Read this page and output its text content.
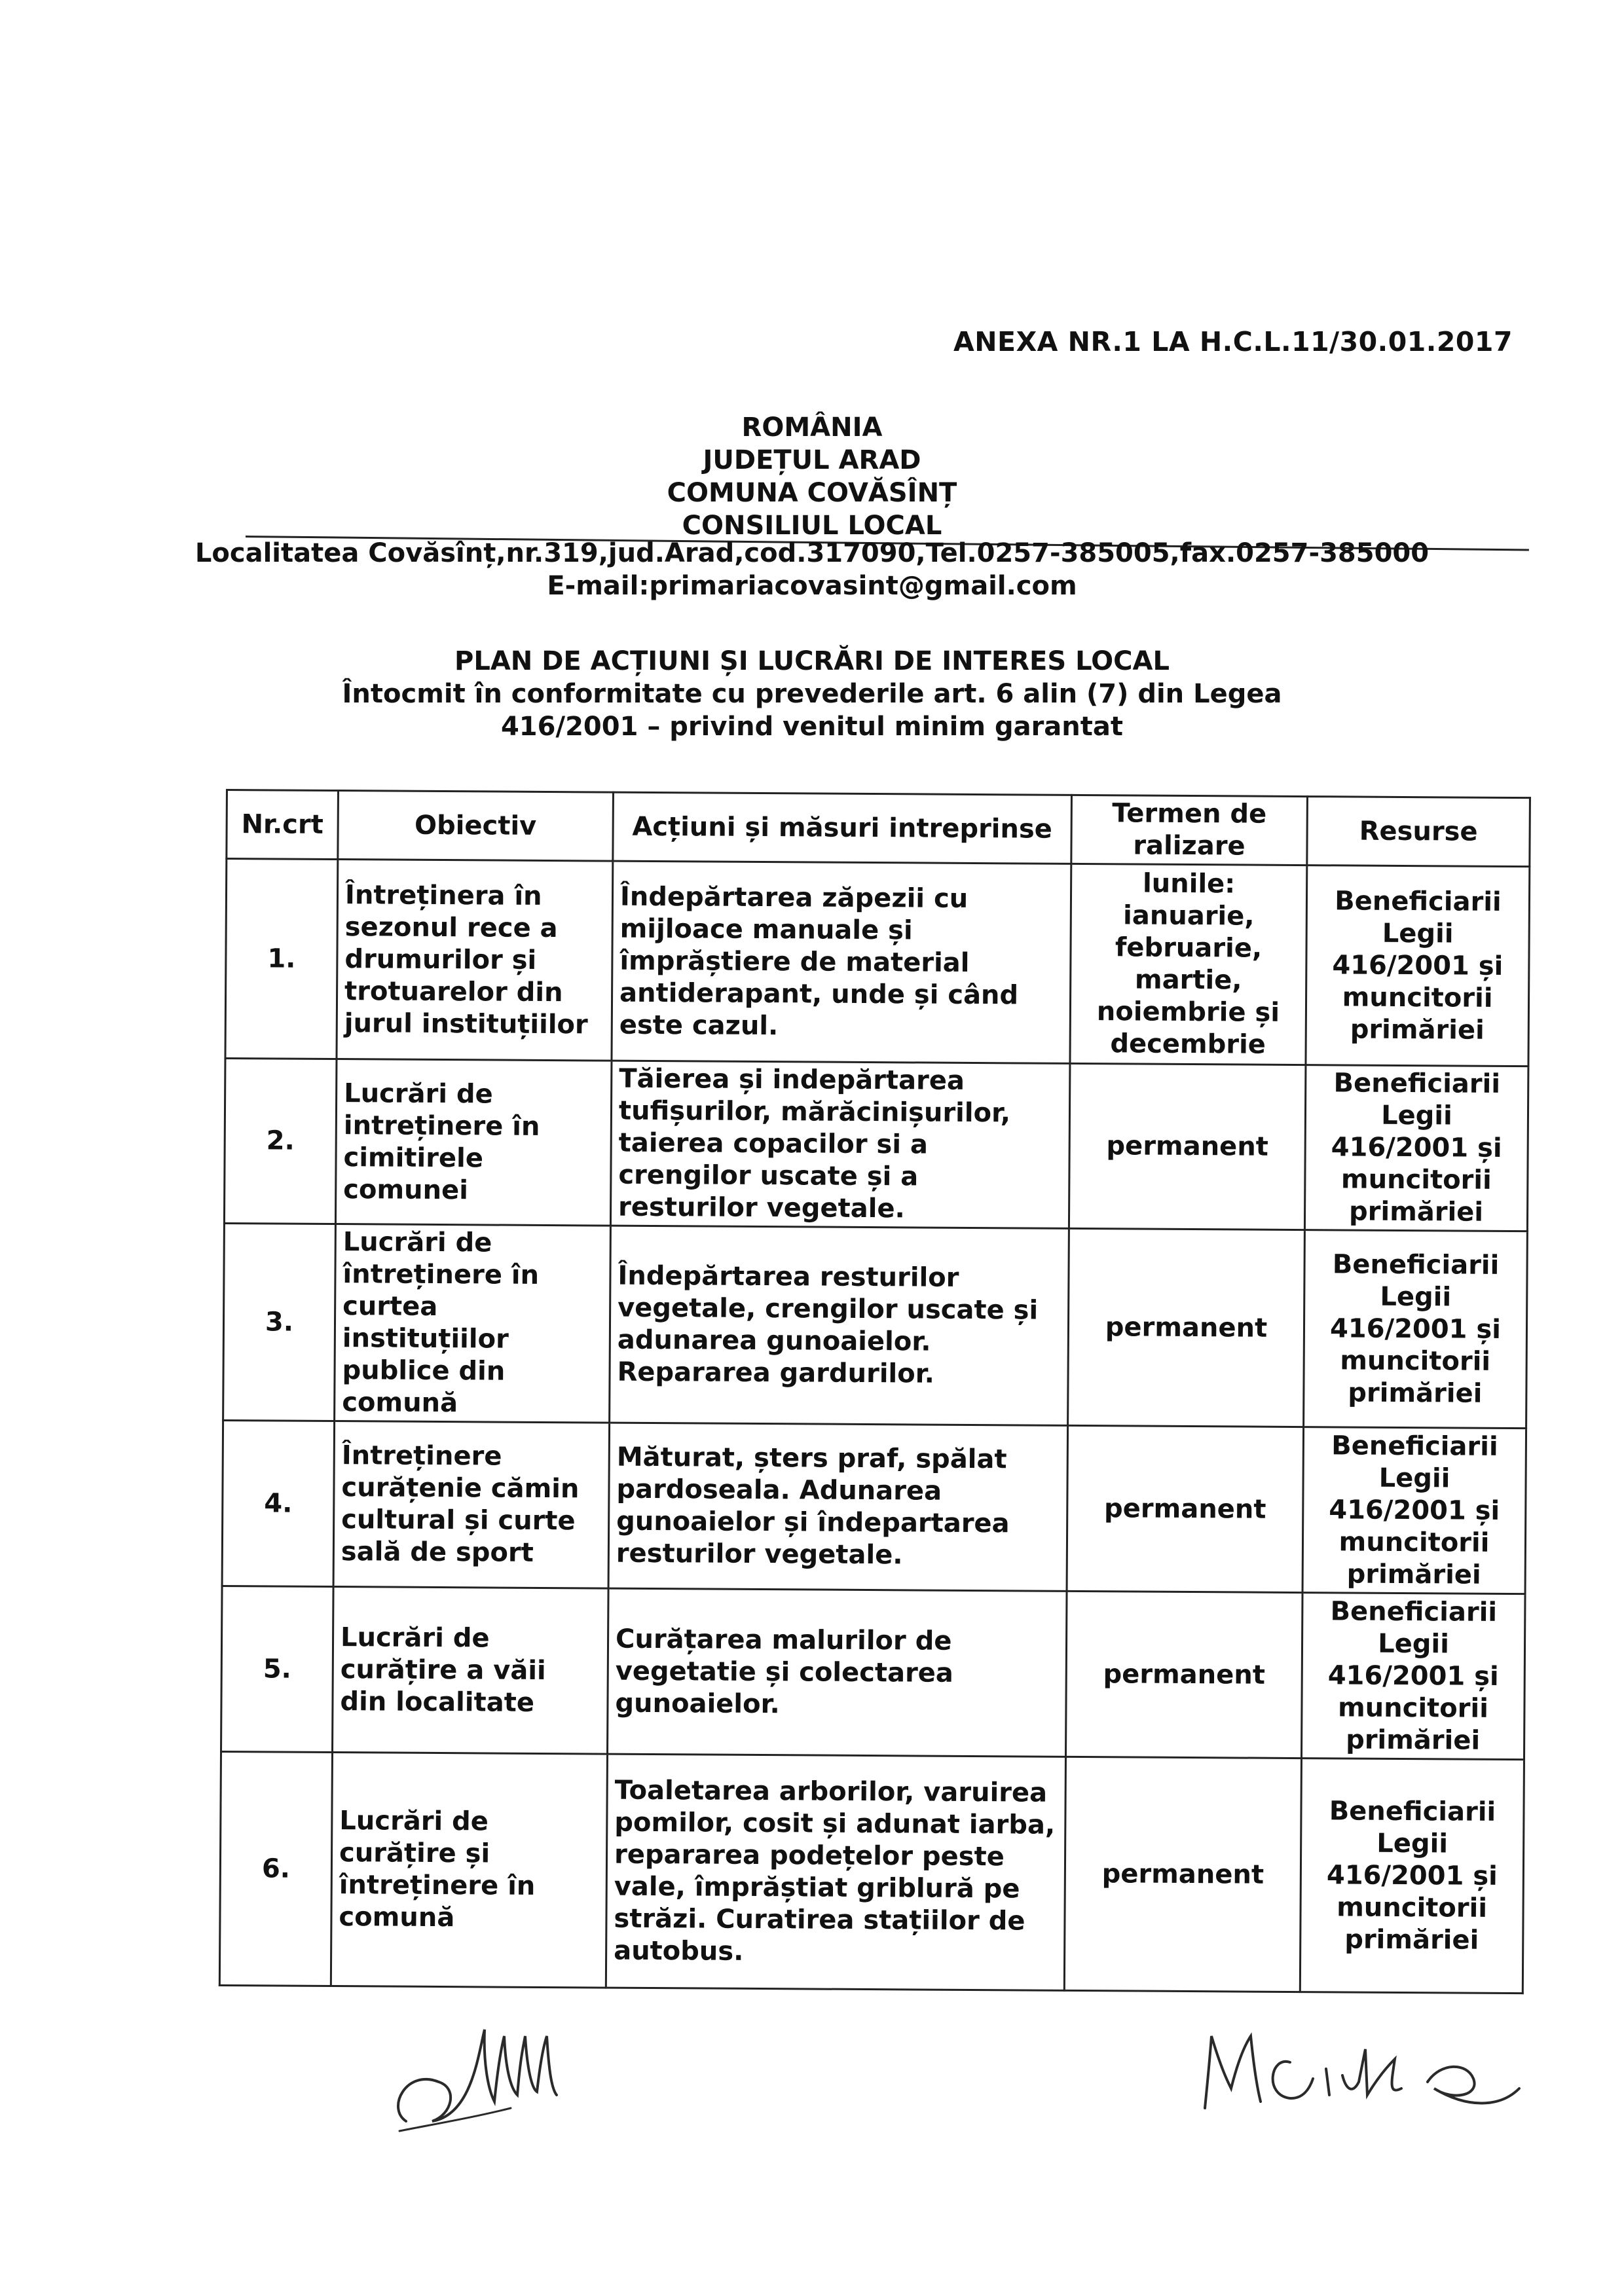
ANEXA NR.1 LA H.C.L.11/30.01.2017
ROMÂNIA
JUDEȚUL ARAD
COMUNA COVĂSÎNȚ
CONSILIUL LOCAL
Localitatea Covăsînț,nr.319,jud.Arad,cod.317090,Tel.0257-385005,fax.0257-385000
E-mail:primariacovasint@gmail.com
PLAN DE ACȚIUNI ȘI LUCRĂRI DE INTERES LOCAL
Întocmit în conformitate cu prevederile art. 6 alin (7) din Legea 416/2001 – privind venitul minim garantat
Nr.crt	Obiectiv	Acțiuni și măsuri intreprinse	Termen de ralizare	Resurse
1.	Întreținera în sezonul rece a drumurilor și trotuarelor din jurul instituțiilor	Îndepărtarea zăpezii cu mijloace manuale și împrăștiere de material antiderapant, unde și când este cazul.	lunile: ianuarie, februarie, martie, noiembrie și decembrie	Beneficiarii Legii 416/2001 și muncitorii primăriei
2.	Lucrări de intreținere în cimitirele comunei	Tăierea și indepărtarea tufișurilor, mărăcinișurilor, taierea copacilor si a crengilor uscate și a resturilor vegetale.	permanent	Beneficiarii Legii 416/2001 și muncitorii primăriei
3.	Lucrări de întreținere în curtea instituțiilor publice din comună	Îndepărtarea resturilor vegetale, crengilor uscate și adunarea gunoaielor. Repararea gardurilor.	permanent	Beneficiarii Legii 416/2001 și muncitorii primăriei
4.	Întreținere curățenie cămin cultural și curte sală de sport	Măturat, șters praf, spălat pardoseala. Adunarea gunoaielor și îndepartarea resturilor vegetale.	permanent	Beneficiarii Legii 416/2001 și muncitorii primăriei
5.	Lucrări de curățire a văii din localitate	Curățarea malurilor de vegetatie și colectarea gunoaielor.	permanent	Beneficiarii Legii 416/2001 și muncitorii primăriei
6.	Lucrări de curățire și întreținere în comună	Toaletarea arborilor, varuirea pomilor, cosit și adunat iarba, repararea podețelor peste vale, împrăștiat griblură pe străzi. Curatirea stațiilor de autobus.	permanent	Beneficiarii Legii 416/2001 și muncitorii primăriei
